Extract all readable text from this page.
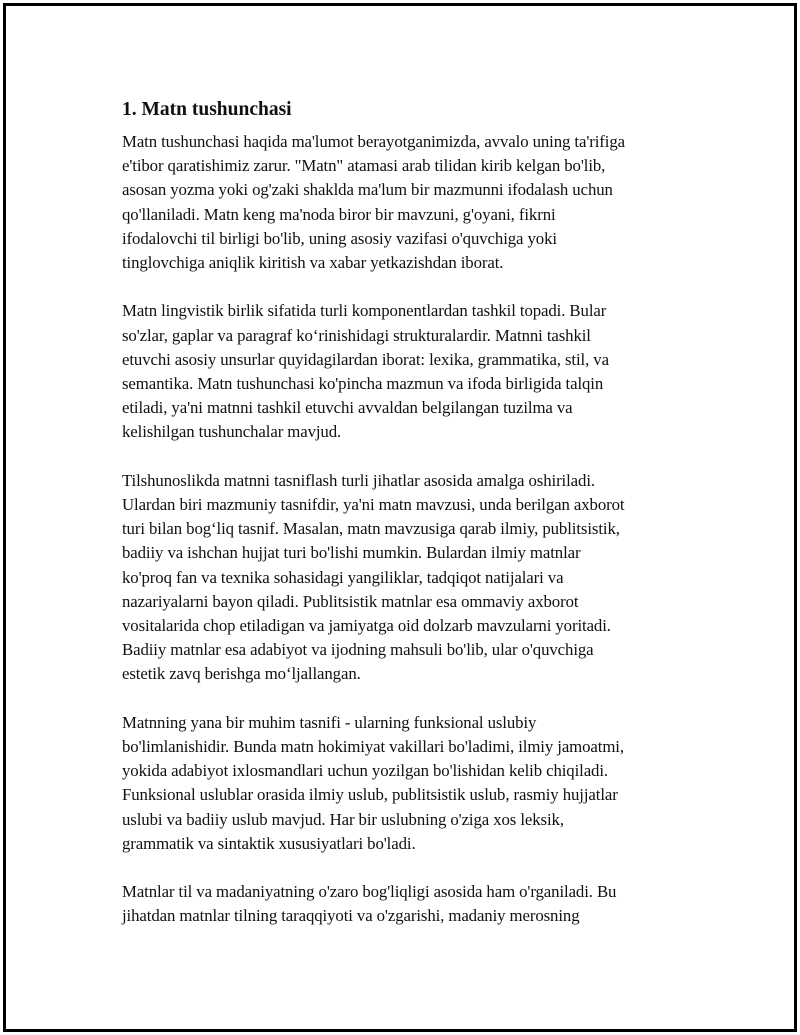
1. Matn tushunchasi

Matn tushunchasi haqida ma'lumot berayotganimizda, avvalo uning ta'rifiga
e'tibor qaratishimiz zarur. "Matn" atamasi arab tilidan kirib kelgan bo'lib,
asosan yozma yoki og'zaki shaklda ma'lum bir mazmunni ifodalash uchun
qo'llaniladi. Matn keng ma'noda biror bir mavzuni, g'oyani, fikrni
ifodalovchi til birligi bo'lib, uning asosiy vazifasi o'quvchiga yoki
tinglovchiga aniqlik kiritish va xabar yetkazishdan iborat.

Matn lingvistik birlik sifatida turli komponentlardan tashkil topadi. Bular
so'zlar, gaplar va paragraf ko‘rinishidagi strukturalardir. Matnni tashkil
etuvchi asosiy unsurlar quyidagilardan iborat: lexika, grammatika, stil, va
semantika. Matn tushunchasi ko'pincha mazmun va ifoda birligida talqin
etiladi, ya'ni matnni tashkil etuvchi avvaldan belgilangan tuzilma va
kelishilgan tushunchalar mavjud.

Tilshunoslikda matnni tasniflash turli jihatlar asosida amalga oshiriladi.
Ulardan biri mazmuniy tasnifdir, ya'ni matn mavzusi, unda berilgan axborot
turi bilan bog‘liq tasnif. Masalan, matn mavzusiga qarab ilmiy, publitsistik,
badiiy va ishchan hujjat turi bo'lishi mumkin. Bulardan ilmiy matnlar
ko'proq fan va texnika sohasidagi yangiliklar, tadqiqot natijalari va
nazariyalarni bayon qiladi. Publitsistik matnlar esa ommaviy axborot
vositalarida chop etiladigan va jamiyatga oid dolzarb mavzularni yoritadi.
Badiiy matnlar esa adabiyot va ijodning mahsuli bo'lib, ular o'quvchiga
estetik zavq berishga mo‘ljallangan.

Matnning yana bir muhim tasnifi - ularning funksional uslubiy
bo'limlanishidir. Bunda matn hokimiyat vakillari bo'ladimi, ilmiy jamoatmi,
yokida adabiyot ixlosmandlari uchun yozilgan bo'lishidan kelib chiqiladi.
Funksional uslublar orasida ilmiy uslub, publitsistik uslub, rasmiy hujjatlar
uslubi va badiiy uslub mavjud. Har bir uslubning o'ziga xos leksik,
grammatik va sintaktik xususiyatlari bo'ladi.

Matnlar til va madaniyatning o'zaro bog'liqligi asosida ham o'rganiladi. Bu
jihatdan matnlar tilning taraqqiyoti va o'zgarishi, madaniy merosning
